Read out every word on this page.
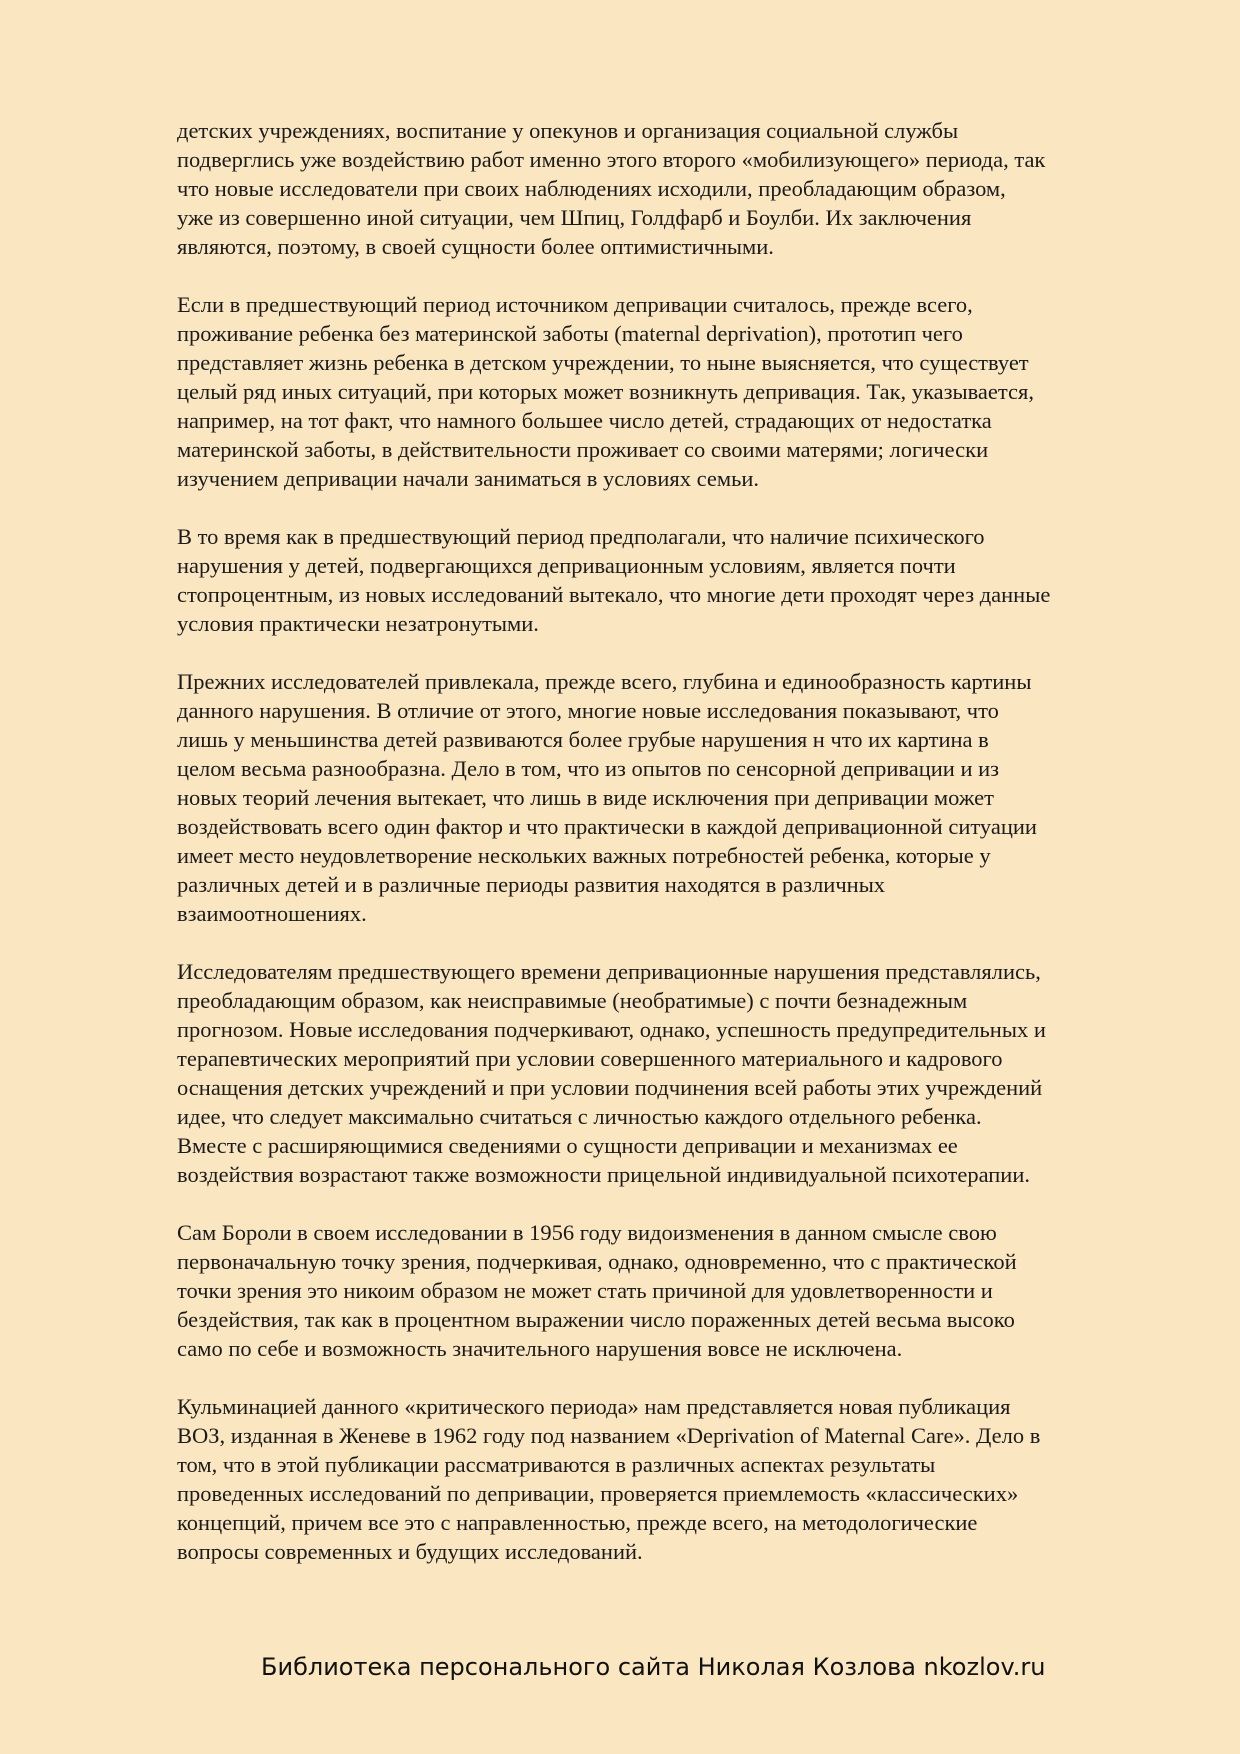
детских учреждениях, воспитание у опекунов и организация социальной службы
подверглись уже воздействию работ именно этого второго «мобилизующего» периода, так
что новые исследователи при своих наблюдениях исходили, преобладающим образом,
уже из совершенно иной ситуации, чем Шпиц, Голдфарб и Боулби. Их заключения
являются, поэтому, в своей сущности более оптимистичными.

Если в предшествующий период источником депривации считалось, прежде всего,
проживание ребенка без материнской заботы (maternal deprivation), прототип чего
представляет жизнь ребенка в детском учреждении, то ныне выясняется, что существует
целый ряд иных ситуаций, при которых может возникнуть депривация. Так, указывается,
например, на тот факт, что намного большее число детей, страдающих от недостатка
материнской заботы, в действительности проживает со своими матерями; логически
изучением депривации начали заниматься в условиях семьи.

В то время как в предшествующий период предполагали, что наличие психического
нарушения у детей, подвергающихся депривационным условиям, является почти
стопроцентным, из новых исследований вытекало, что многие дети проходят через данные
условия практически незатронутыми.

Прежних исследователей привлекала, прежде всего, глубина и единообразность картины
данного нарушения. В отличие от этого, многие новые исследования показывают, что
лишь у меньшинства детей развиваются более грубые нарушения н что их картина в
целом весьма разнообразна. Дело в том, что из опытов по сенсорной депривации и из
новых теорий лечения вытекает, что лишь в виде исключения при депривации может
воздействовать всего один фактор и что практически в каждой депривационной ситуации
имеет место неудовлетворение нескольких важных потребностей ребенка, которые у
различных детей и в различные периоды развития находятся в различных
взаимоотношениях.

Исследователям предшествующего времени депривационные нарушения представлялись,
преобладающим образом, как неисправимые (необратимые) с почти безнадежным
прогнозом. Новые исследования подчеркивают, однако, успешность предупредительных и
терапевтических мероприятий при условии совершенного материального и кадрового
оснащения детских учреждений и при условии подчинения всей работы этих учреждений
идее, что следует максимально считаться с личностью каждого отдельного ребенка.
Вместе с расширяющимися сведениями о сущности депривации и механизмах ее
воздействия возрастают также возможности прицельной индивидуальной психотерапии.

Сам Бороли в своем исследовании в 1956 году видоизменения в данном смысле свою
первоначальную точку зрения, подчеркивая, однако, одновременно, что с практической
точки зрения это никоим образом не может стать причиной для удовлетворенности и
бездействия, так как в процентном выражении число пораженных детей весьма высоко
само по себе и возможность значительного нарушения вовсе не исключена.

Кульминацией данного «критического периода» нам представляется новая публикация
ВОЗ, изданная в Женеве в 1962 году под названием «Deprivation of Maternal Care». Дело в
том, что в этой публикации рассматриваются в различных аспектах результаты
проведенных исследований по депривации, проверяется приемлемость «классических»
концепций, причем все это с направленностью, прежде всего, на методологические
вопросы современных и будущих исследований.

Библиотека персонального сайта Николая Козлова nkozlov.ru
